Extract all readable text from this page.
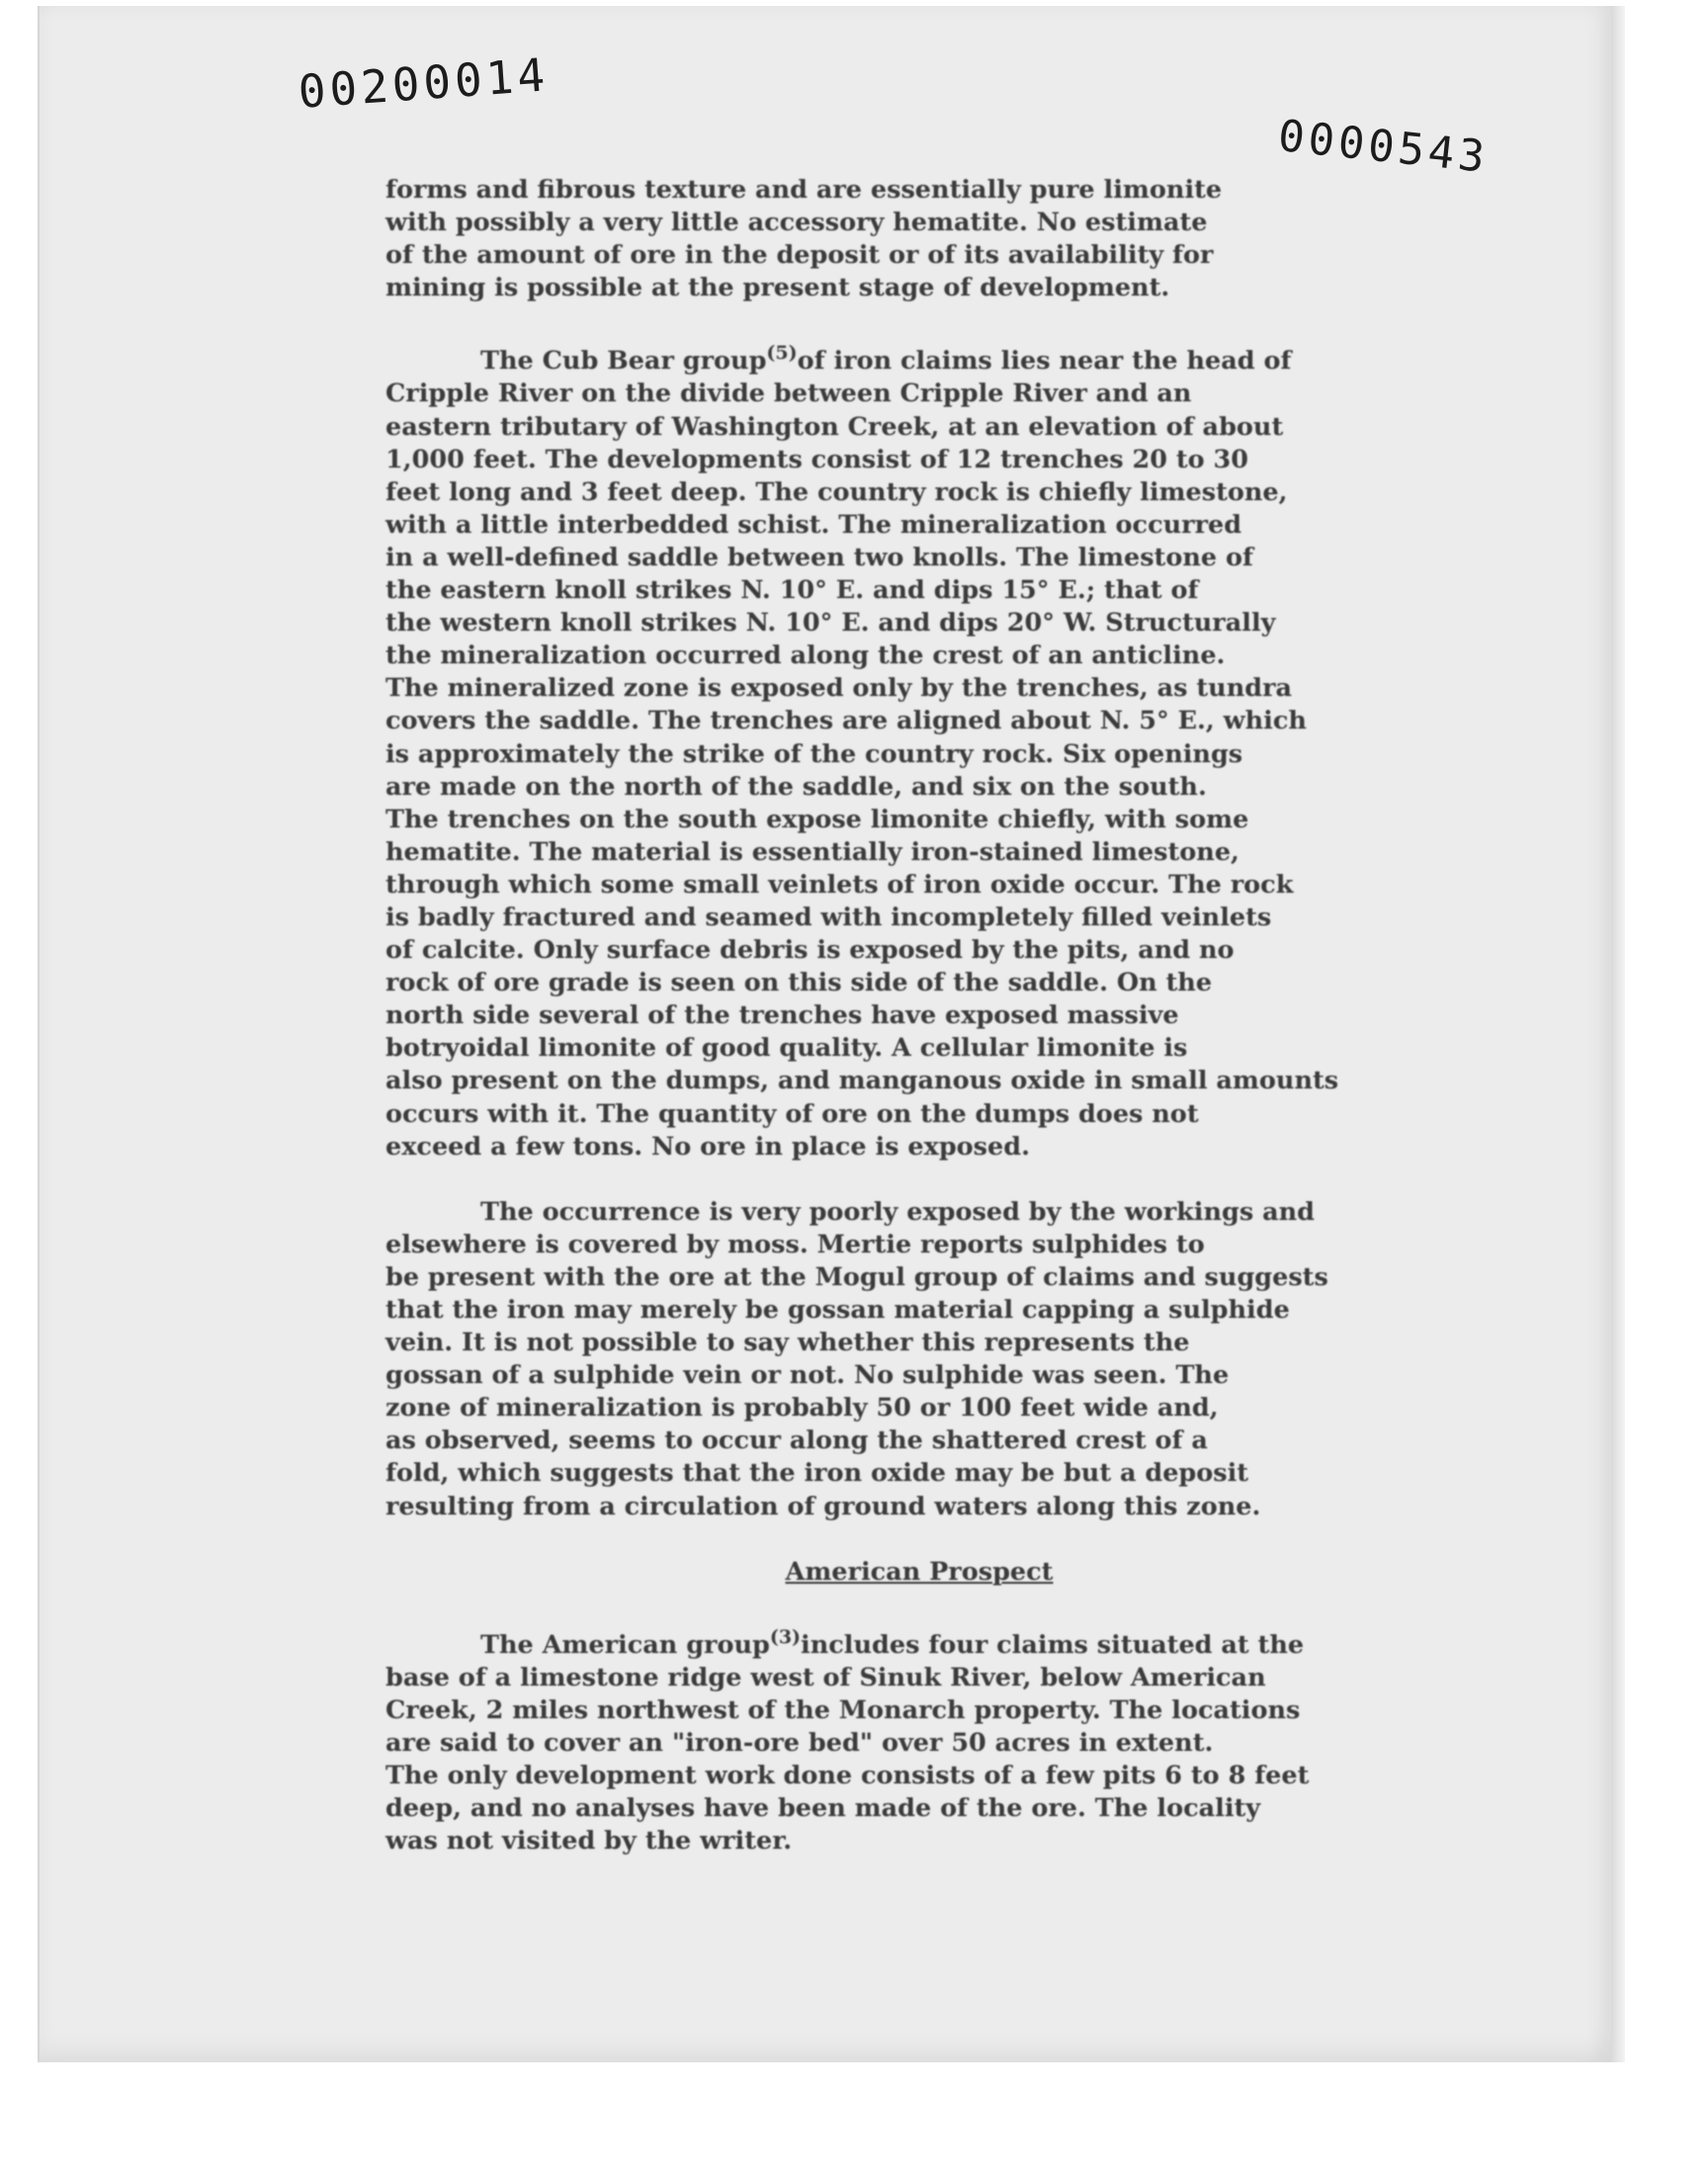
00200014
0000543

forms and fibrous texture and are essentially pure limonite
with possibly a very little accessory hematite. No estimate
of the amount of ore in the deposit or of its availability for
mining is possible at the present stage of development.

The Cub Bear group$^{(5)}$of iron claims lies near the head of
Cripple River on the divide between Cripple River and an
eastern tributary of Washington Creek, at an elevation of about
1,000 feet. The developments consist of 12 trenches 20 to 30
feet long and 3 feet deep. The country rock is chiefly limestone,
with a little interbedded schist. The mineralization occurred
in a well-defined saddle between two knolls. The limestone of
the eastern knoll strikes N. 10° E. and dips 15° E.; that of
the western knoll strikes N. 10° E. and dips 20° W. Structurally
the mineralization occurred along the crest of an anticline.
The mineralized zone is exposed only by the trenches, as tundra
covers the saddle. The trenches are aligned about N. 5° E., which
is approximately the strike of the country rock. Six openings
are made on the north of the saddle, and six on the south.
The trenches on the south expose limonite chiefly, with some
hematite. The material is essentially iron-stained limestone,
through which some small veinlets of iron oxide occur. The rock
is badly fractured and seamed with incompletely filled veinlets
of calcite. Only surface debris is exposed by the pits, and no
rock of ore grade is seen on this side of the saddle. On the
north side several of the trenches have exposed massive
botryoidal limonite of good quality. A cellular limonite is
also present on the dumps, and manganous oxide in small amounts
occurs with it. The quantity of ore on the dumps does not
exceed a few tons. No ore in place is exposed.

The occurrence is very poorly exposed by the workings and
elsewhere is covered by moss. Mertie reports sulphides to
be present with the ore at the Mogul group of claims and suggests
that the iron may merely be gossan material capping a sulphide
vein. It is not possible to say whether this represents the
gossan of a sulphide vein or not. No sulphide was seen. The
zone of mineralization is probably 50 or 100 feet wide and,
as observed, seems to occur along the shattered crest of a
fold, which suggests that the iron oxide may be but a deposit
resulting from a circulation of ground waters along this zone.

American Prospect

The American group$^{(3)}$includes four claims situated at the
base of a limestone ridge west of Sinuk River, below American
Creek, 2 miles northwest of the Monarch property. The locations
are said to cover an "iron-ore bed" over 50 acres in extent.
The only development work done consists of a few pits 6 to 8 feet
deep, and no analyses have been made of the ore. The locality
was not visited by the writer.
